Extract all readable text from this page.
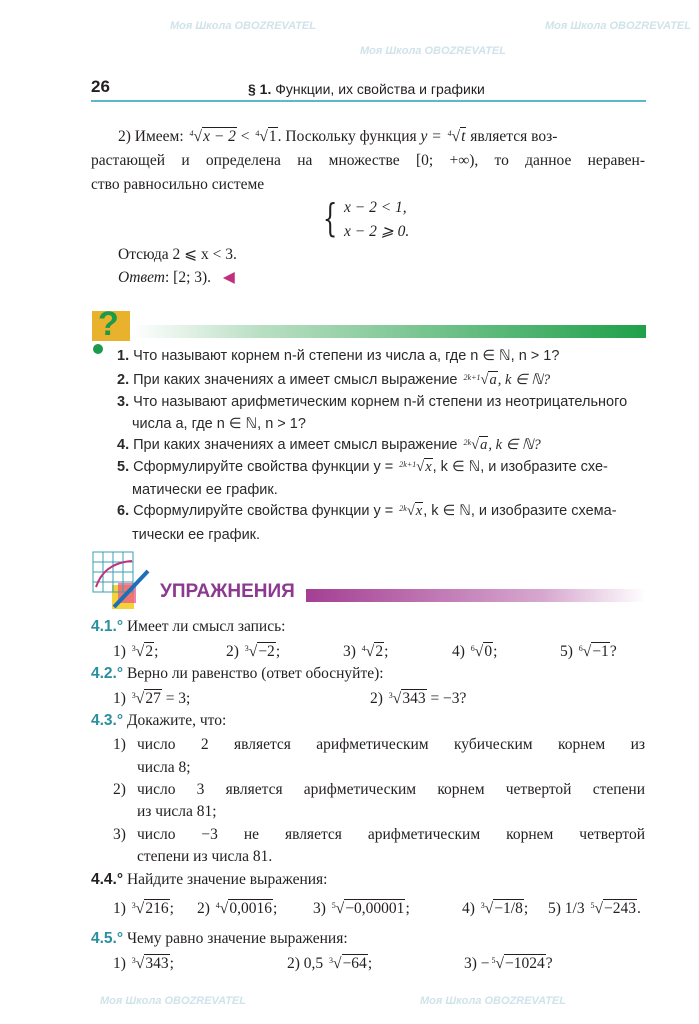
Моя Школа OBOZREVATEL
Моя Школа OBOZREVATEL
Моя Школа OBOZREVATEL
Моя Школа OBOZREVATEL	Моя Школа OBOZREVATEL
26	§ 1. Функции, их свойства и графики
2) Имеем: $^4$√x − 2 < $^4$√1. Поскольку функция y = $^4$√t является воз-
растающей и определена на множестве [0; +∞), то данное неравен-
ство равносильно системе
{ x − 2 < 1,
x − 2 ⩾ 0.
Отсюда 2 ⩽ x < 3.
Ответ: [2; 3). ◀
?
1. Что называют корнем n-й степени из числа a, где n ∈ ℕ, n > 1?
2. При каких значениях a имеет смысл выражение $^{2k+1}$√a, k ∈ ℕ?
3. Что называют арифметическим корнем n-й степени из неотрицательного
числа a, где n ∈ ℕ, n > 1?
4. При каких значениях a имеет смысл выражение $^{2k}$√a, k ∈ ℕ?
5. Сформулируйте свойства функции y = $^{2k+1}$√x, k ∈ ℕ, и изобразите схе-
матически ее график.
6. Сформулируйте свойства функции y = $^{2k}$√x, k ∈ ℕ, и изобразите схема-
тически ее график.
УПРАЖНЕНИЯ
4.1.° Имеет ли смысл запись:
1) $^3$√2;	2) $^3$√−2;	3) $^4$√2;	4) $^6$√0;	5) $^6$√−1?
4.2.° Верно ли равенство (ответ обоснуйте):
1) $^3$√27 = 3;	2) $^3$√343 = −3?
4.3.° Докажите, что:
1) число 2 является арифметическим кубическим корнем из
числа 8;
2) число 3 является арифметическим корнем четвертой степени
из числа 81;
3) число −3 не является арифметическим корнем четвертой
степени из числа 81.
4.4.° Найдите значение выражения:
1) $^3$√216; 2) $^4$√0,0016; 3) $^5$√−0,00001;	4) $^3$√−1/8; 5) 1/3 $^5$√−243.
4.5.° Чему равно значение выражения:
1) $^3$√343;	2) 0,5 $^3$√−64;	3) − $^5$√−1024?
